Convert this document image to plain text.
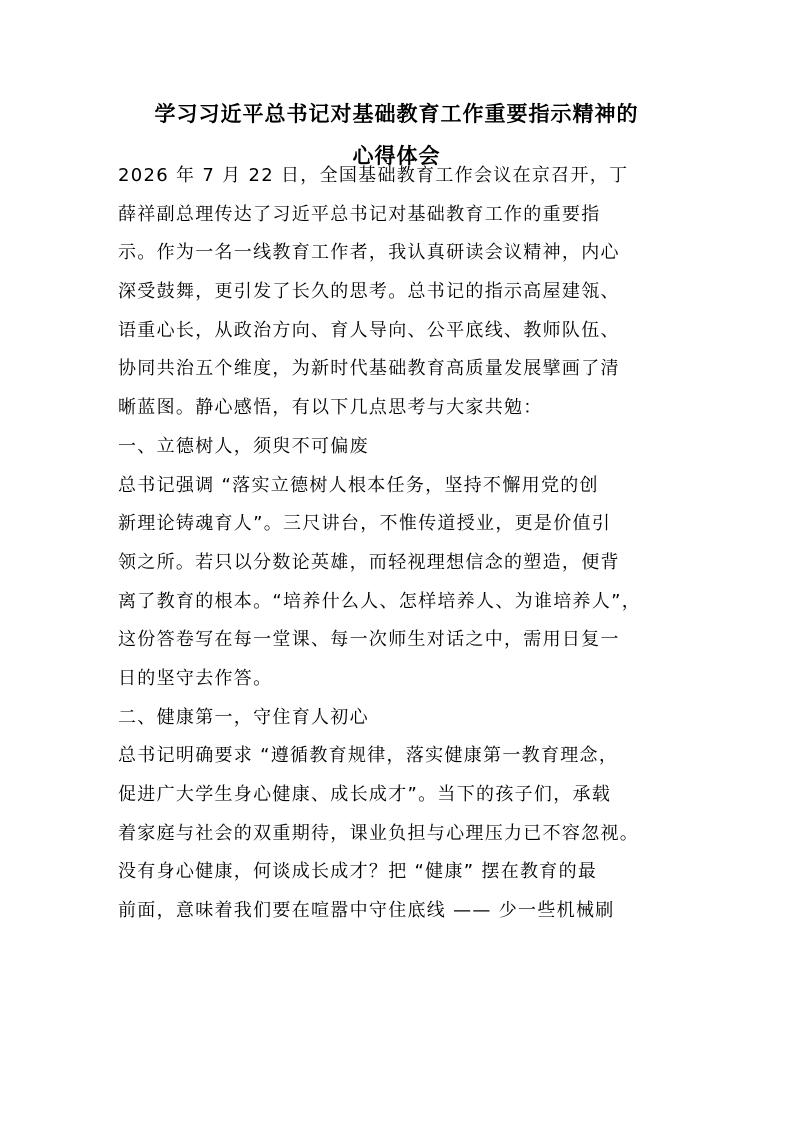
学习习近平总书记对基础教育工作重要指示精神的
心得体会
2026 年 7 月 22 日，全国基础教育工作会议在京召开，丁
薛祥副总理传达了习近平总书记对基础教育工作的重要指
示。作为一名一线教育工作者，我认真研读会议精神，内心
深受鼓舞，更引发了长久的思考。总书记的指示高屋建瓴、
语重心长，从政治方向、育人导向、公平底线、教师队伍、
协同共治五个维度，为新时代基础教育高质量发展擘画了清
晰蓝图。静心感悟，有以下几点思考与大家共勉：
一、立德树人，须臾不可偏废
总书记强调 “落实立德树人根本任务，坚持不懈用党的创
新理论铸魂育人”。三尺讲台，不惟传道授业，更是价值引
领之所。若只以分数论英雄，而轻视理想信念的塑造，便背
离了教育的根本。“培养什么人、怎样培养人、为谁培养人”，
这份答卷写在每一堂课、每一次师生对话之中，需用日复一
日的坚守去作答。
二、健康第一，守住育人初心
总书记明确要求 “遵循教育规律，落实健康第一教育理念，
促进广大学生身心健康、成长成才”。当下的孩子们，承载
着家庭与社会的双重期待，课业负担与心理压力已不容忽视。
没有身心健康，何谈成长成才？把 “健康” 摆在教育的最
前面，意味着我们要在喧嚣中守住底线 —— 少一些机械刷
